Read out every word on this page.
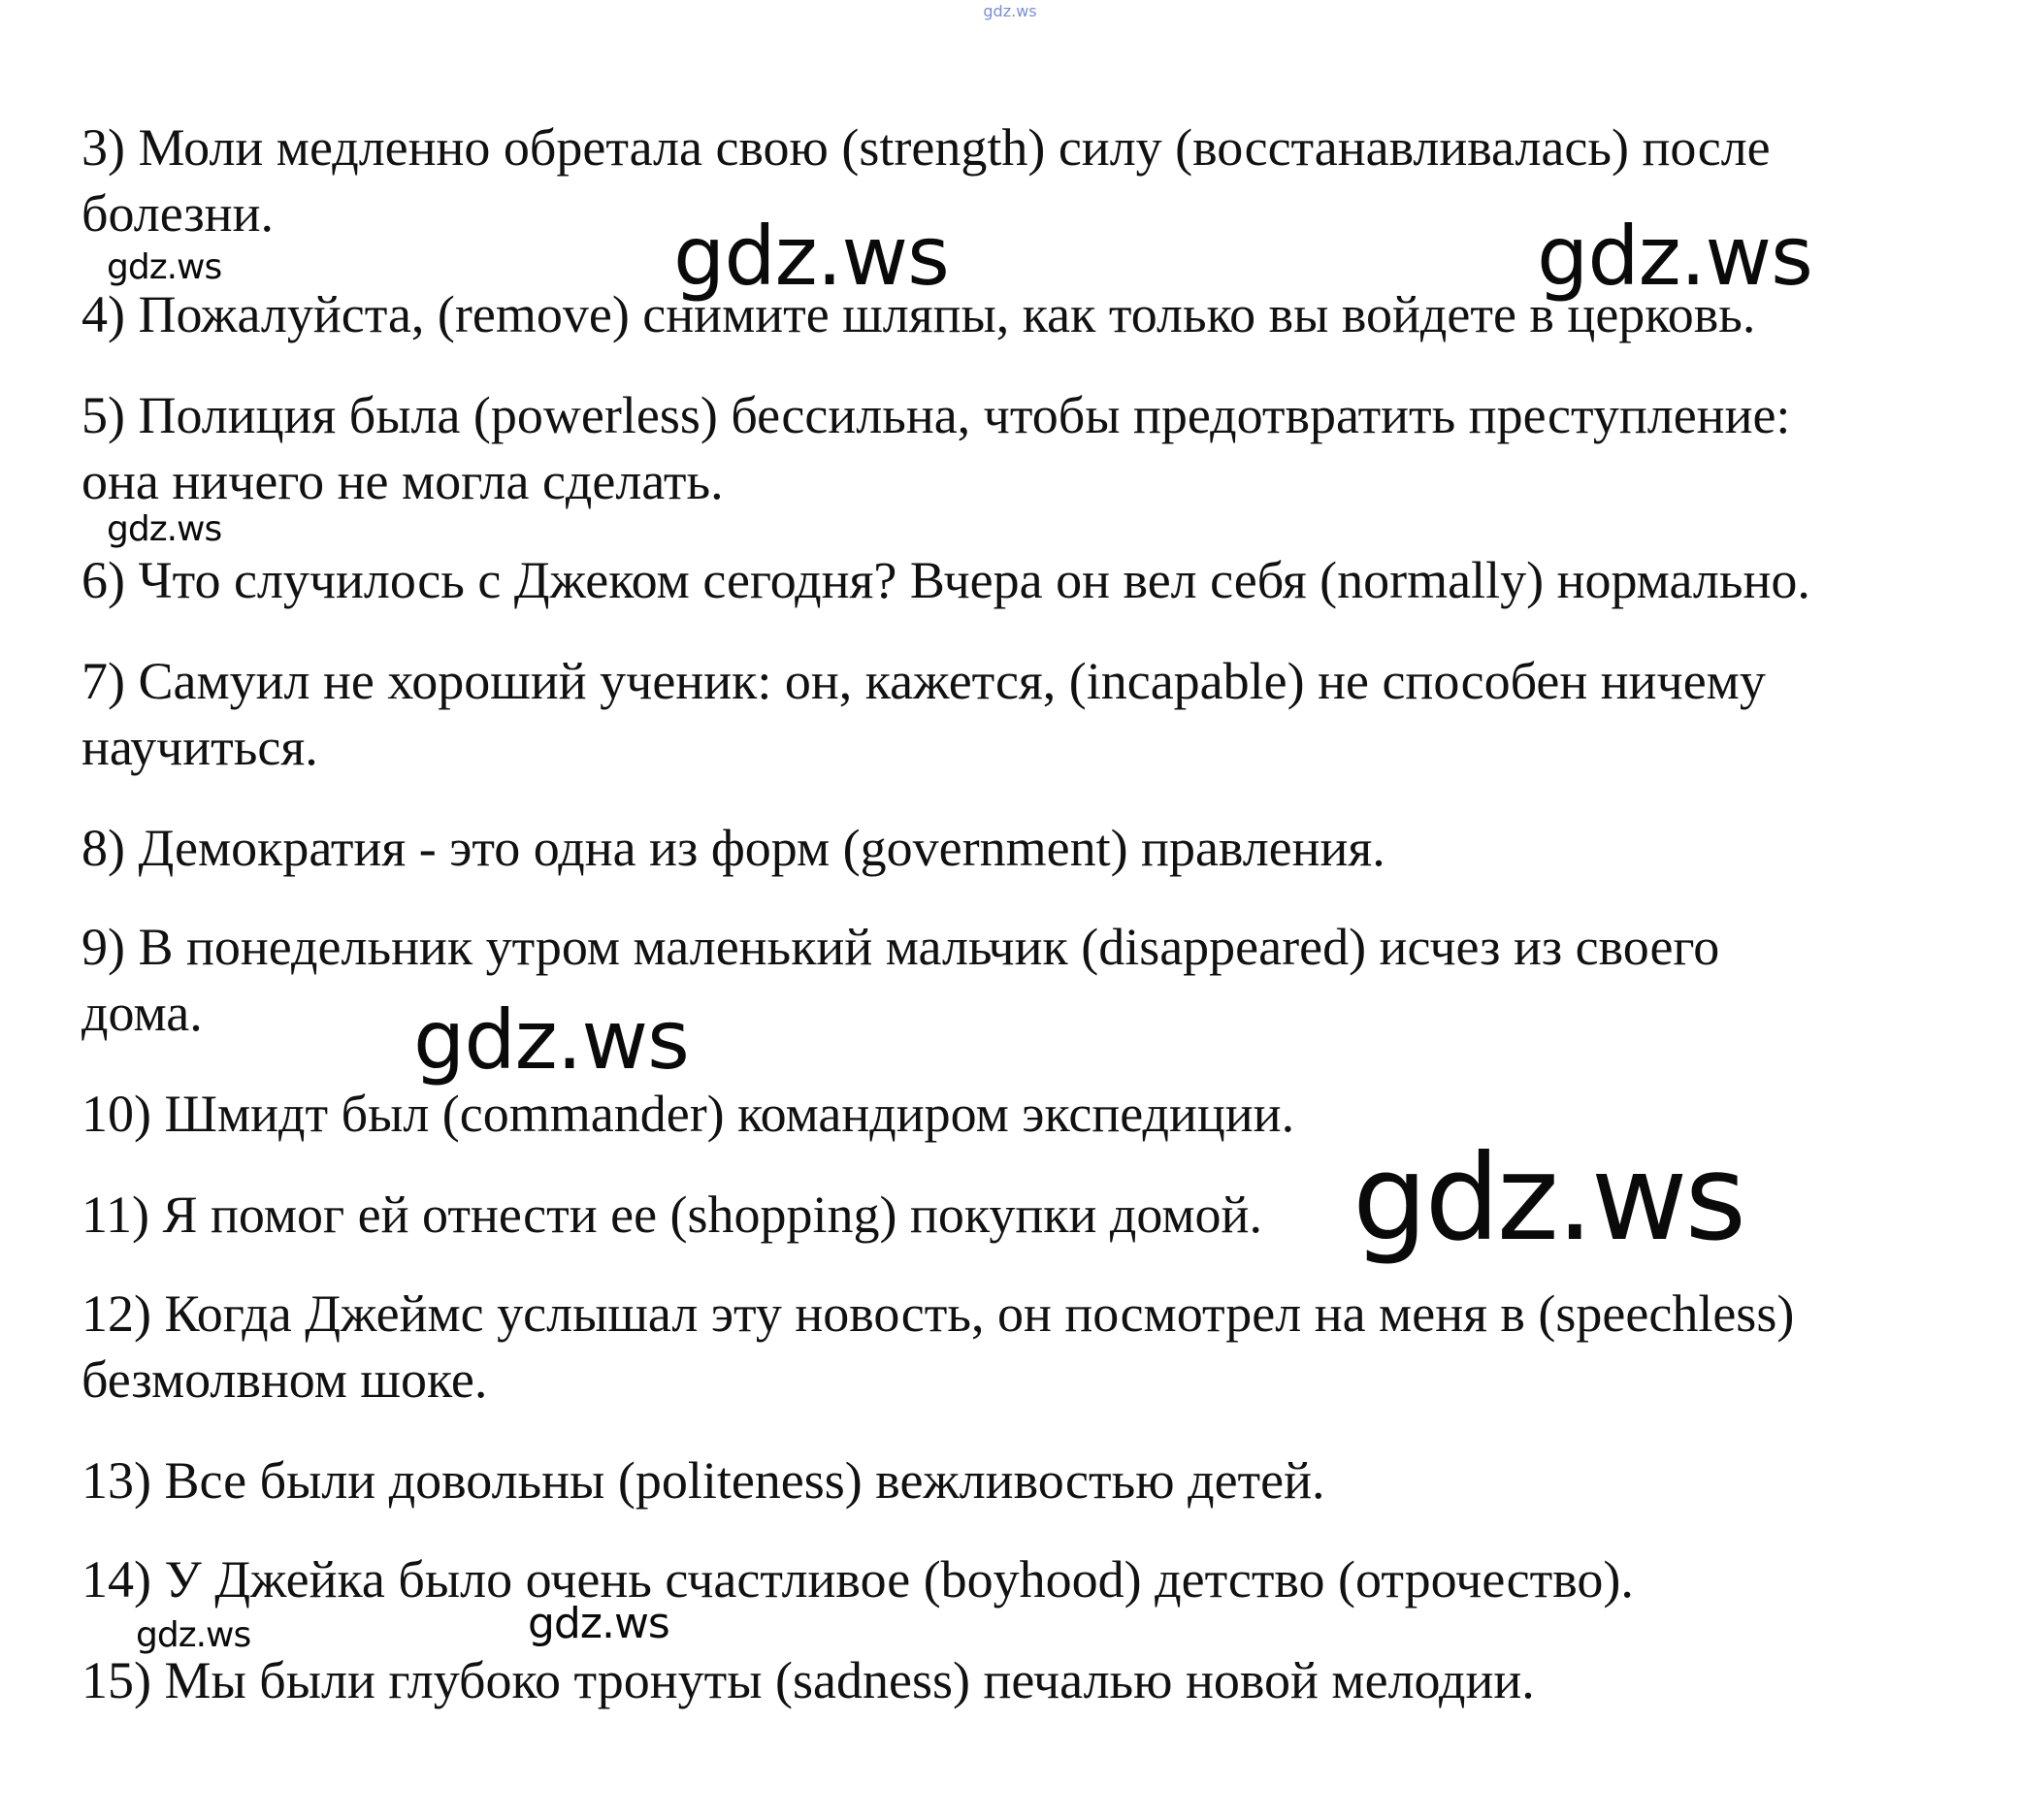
gdz.ws
3) Моли медленно обретала свою (strength) силу (восстанавливалась) после
болезни.
4) Пожалуйста, (remove) снимите шляпы, как только вы войдете в церковь.
5) Полиция была (powerless) бессильна, чтобы предотвратить преступление:
она ничего не могла сделать.
6) Что случилось с Джеком сегодня? Вчера он вел себя (normally) нормально.
7) Самуил не хороший ученик: он, кажется, (incapable) не способен ничему
научиться.
8) Демократия - это одна из форм (government) правления.
9) В понедельник утром маленький мальчик (disappeared) исчез из своего
дома.
10) Шмидт был (commander) командиром экспедиции.
11) Я помог ей отнести ее (shopping) покупки домой.
12) Когда Джеймс услышал эту новость, он посмотрел на меня в (speechless)
безмолвном шоке.
13) Все были довольны (politeness) вежливостью детей.
14) У Джейка было очень счастливое (boyhood) детство (отрочество).
15) Мы были глубоко тронуты (sadness) печалью новой мелодии.
gdz.ws	gdz.ws	gdz.ws
gdz.ws
gdz.ws
gdz.ws
gdz.ws	gdz.ws
